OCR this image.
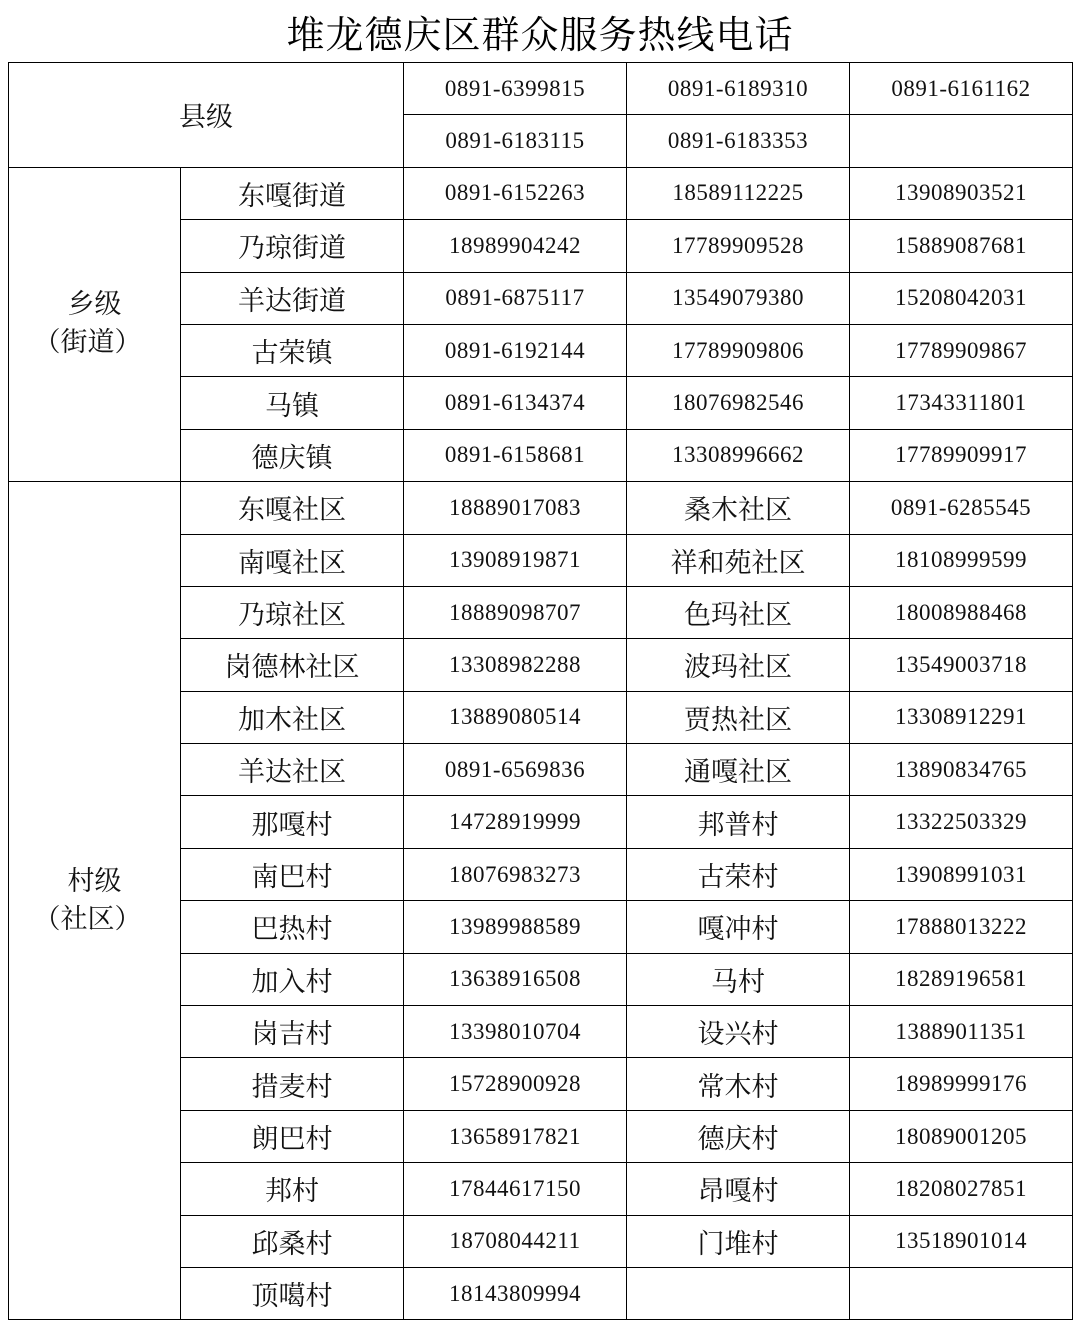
堆龙德庆区群众服务热线电话
县级		0891-6399815	0891-6189310	0891-6161162
		0891-6183115	0891-6183353	

乡级
（街道）	东嘎街道	0891-6152263	18589112225	13908903521
	乃琼街道	18989904242	17789909528	15889087681
	羊达街道	0891-6875117	13549079380	15208042031
	古荣镇	0891-6192144	17789909806	17789909867
	马镇	0891-6134374	18076982546	17343311801
	德庆镇	0891-6158681	13308996662	17789909917

村级
（社区）	东嘎社区	18889017083	桑木社区	0891-6285545
	南嘎社区	13908919871	祥和苑社区	18108999599
	乃琼社区	18889098707	色玛社区	18008988468
	岗德林社区	13308982288	波玛社区	13549003718
	加木社区	13889080514	贾热社区	13308912291
	羊达社区	0891-6569836	通嘎社区	13890834765
	那嘎村	14728919999	邦普村	13322503329
	南巴村	18076983273	古荣村	13908991031
	巴热村	13989988589	嘎冲村	17888013222
	加入村	13638916508	马村	18289196581
	岗吉村	13398010704	设兴村	13889011351
	措麦村	15728900928	常木村	18989999176
	朗巴村	13658917821	德庆村	18089001205
	邦村	17844617150	昂嘎村	18208027851
	邱桑村	18708044211	门堆村	13518901014
	顶噶村	18143809994		
